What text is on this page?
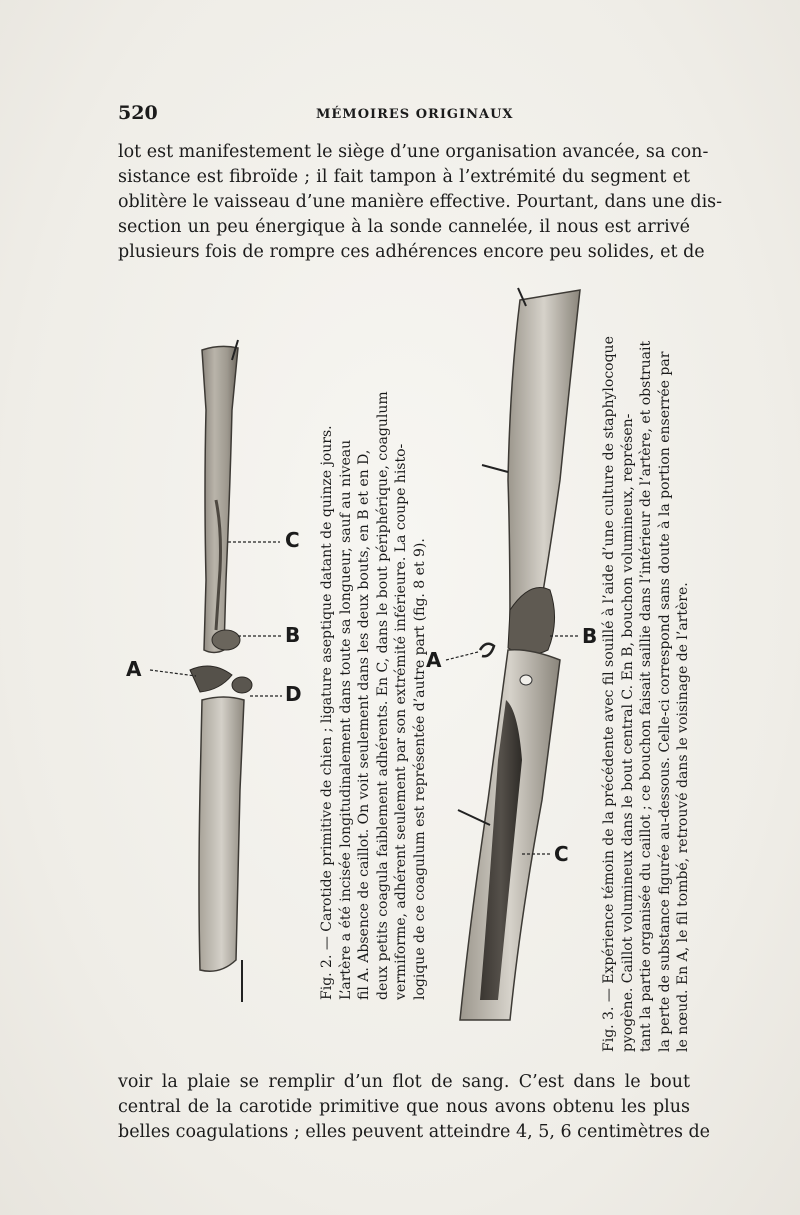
520	MÉMOIRES ORIGINAUX
lot est manifestement le siège d’une organisation avancée, sa con-
sistance est fibroïde ; il fait tampon à l’extrémité du segment et
oblitère le vaisseau d’une manière effective. Pourtant, dans une dis-
section un peu énergique à la sonde cannelée, il nous est arrivé
plusieurs fois de rompre ces adhérences encore peu solides, et de
C
B
A
D Fig. 2. — Carotide primitive de chien ; ligature aseptique datant de quinze jours. L’artère a été incisée longitudinalement dans toute sa longueur, sauf au niveau fil A. Absence de caillot. On voit seulement dans les deux bouts, en B et en D, deux petits coagula faiblement adhérents. En C, dans le bout périphérique, coagulum vermiforme, adhérent seulement par son extrémité inférieure. La coupe histo- logique de ce coagulum est représentée d’autre part (fig. 8 et 9).
A
B
C Fig. 3. — Expérience témoin de la précédente avec fil souillé à l’aide d’une culture de staphylocoque pyogène. Caillot volumineux dans le bout central C. En B, bouchon volumineux, représen- tant la partie organisée du caillot ; ce bouchon faisait saillie dans l’intérieur de l’artère, et obstruait la perte de substance figurée au-dessous. Celle-ci correspond sans doute à la portion enserrée par le nœud. En A, le fil tombé, retrouvé dans le voisinage de l’artère.
voir la plaie se remplir d’un flot de sang. C’est dans le bout
central de la carotide primitive que nous avons obtenu les plus
belles coagulations ; elles peuvent atteindre 4, 5, 6 centimètres de
